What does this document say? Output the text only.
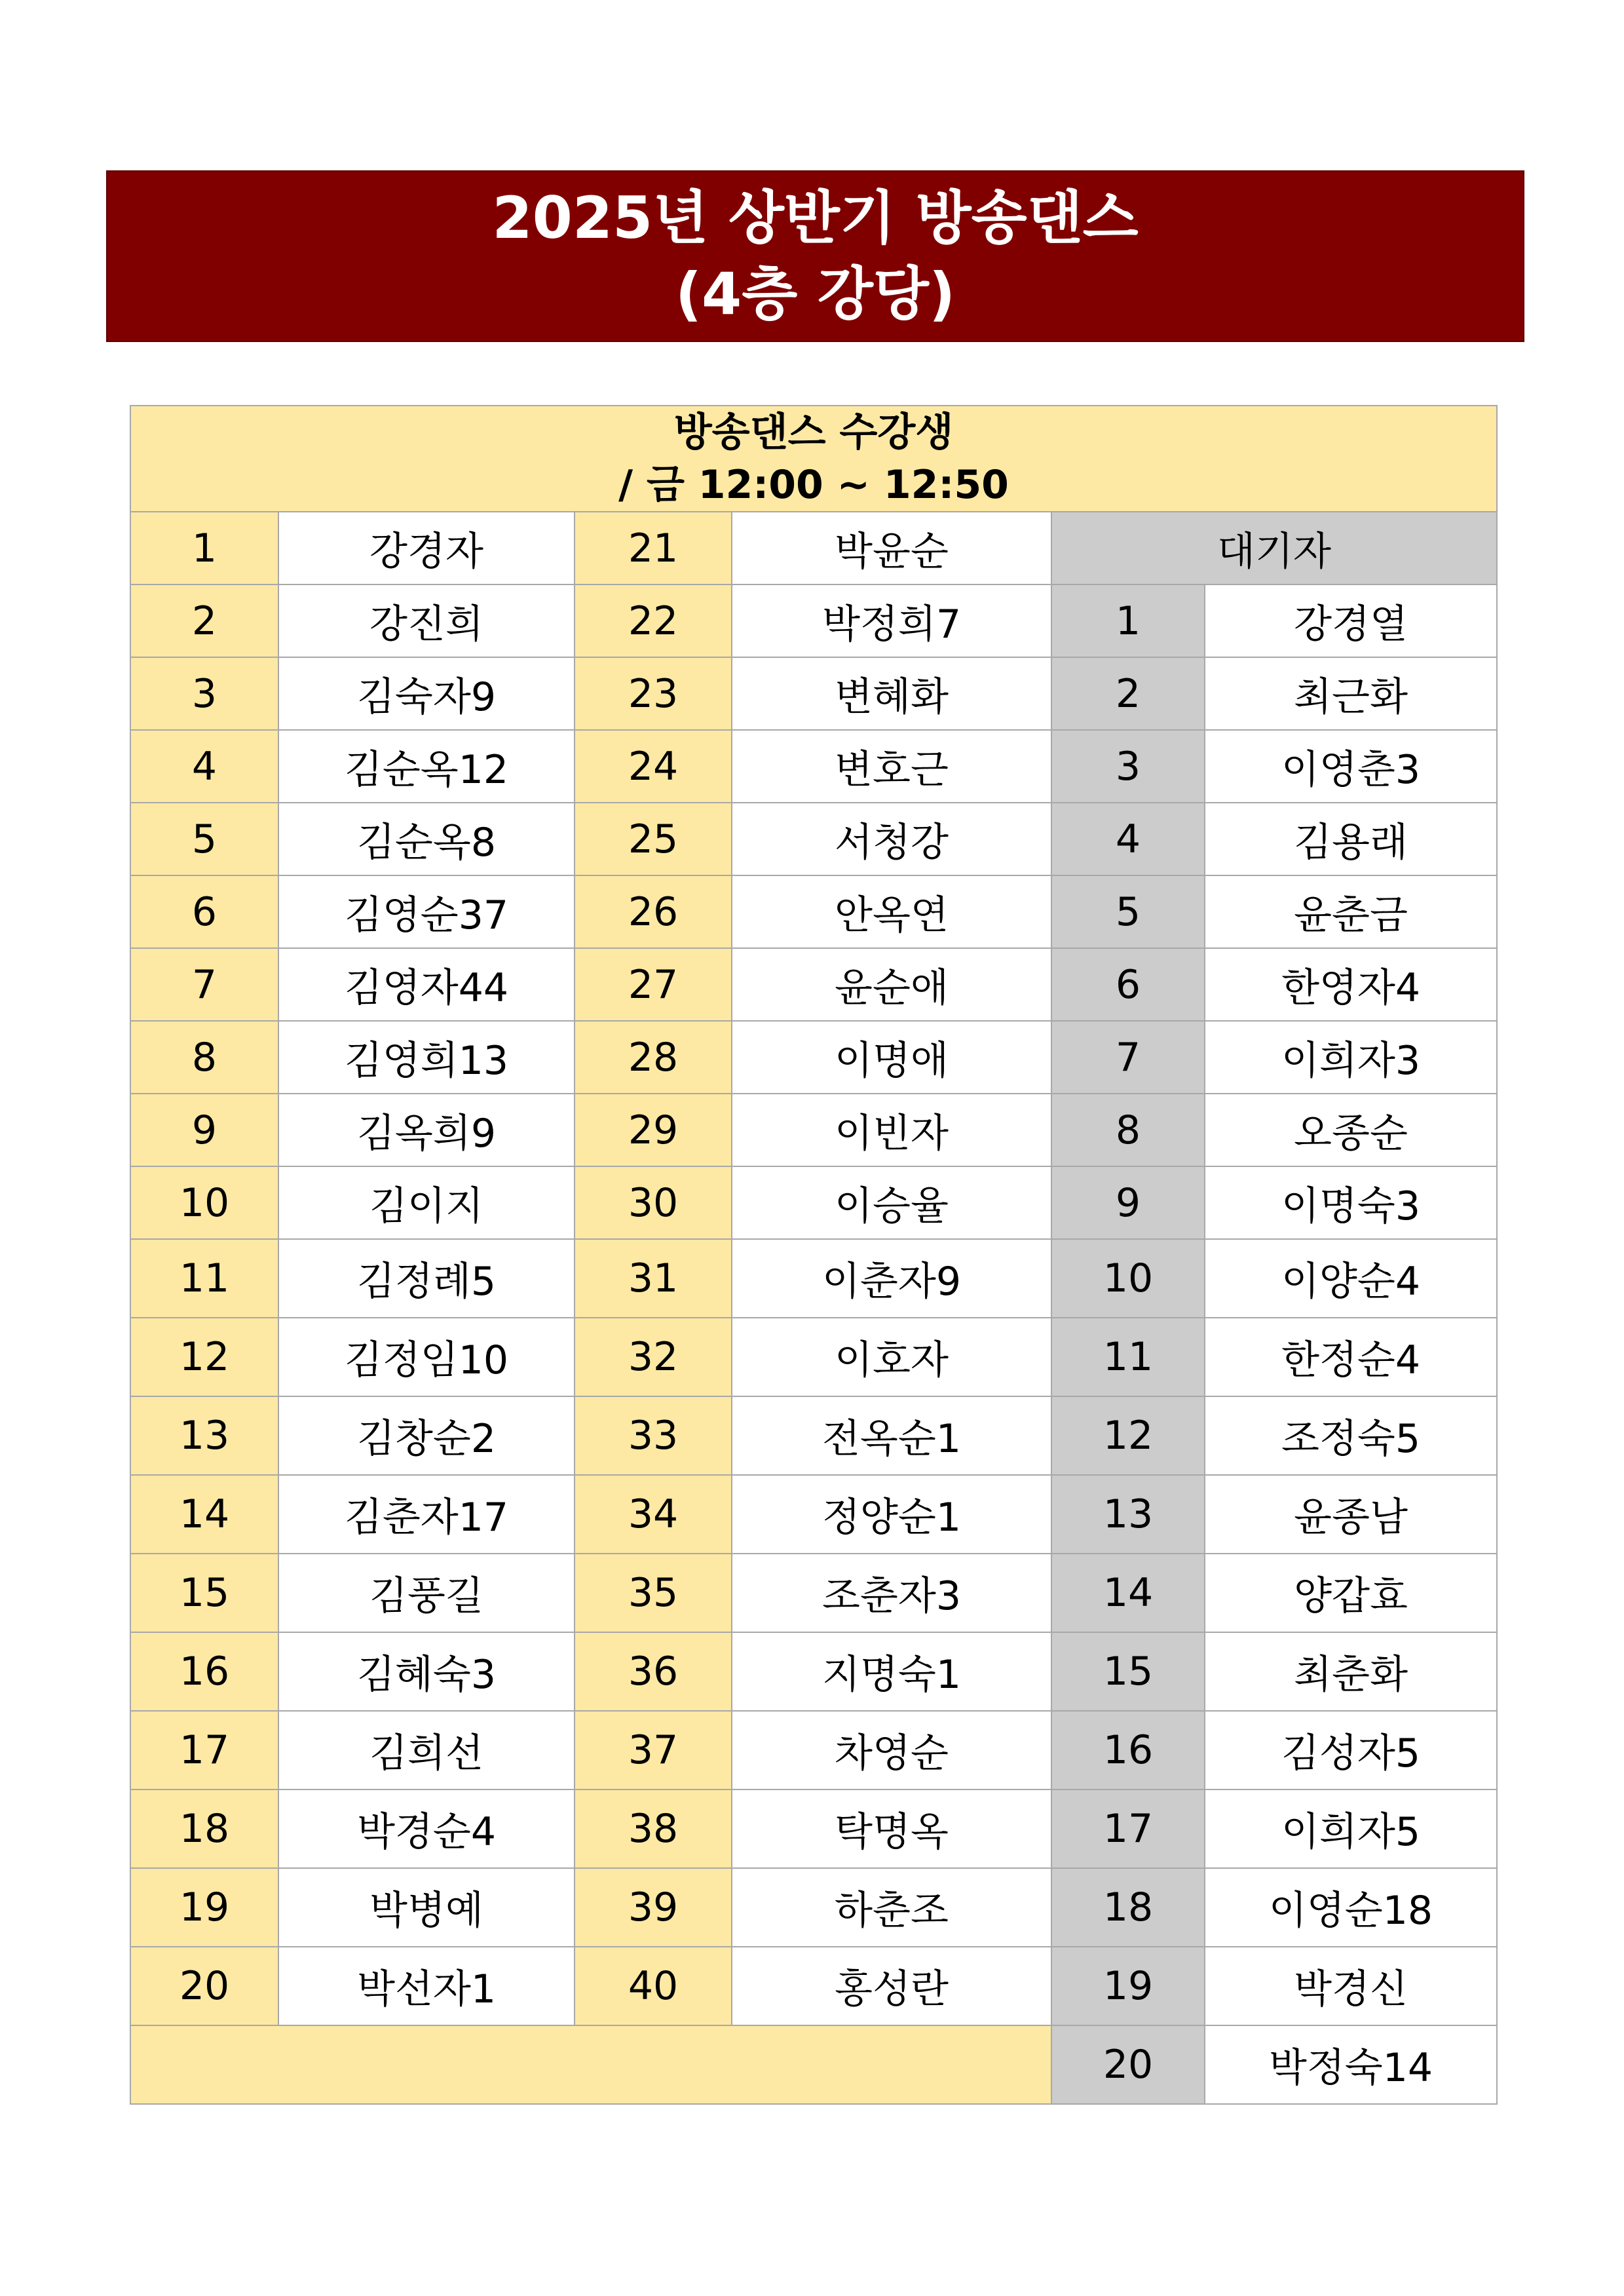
2025년 상반기 방송댄스
(4층 강당)
방송댄스 수강생
/ 금 12:00 ~ 12:50					

1	강경자	21	박윤순	대기자	
2	강진희	22	박정희7	1	강경열
3	김숙자9	23	변혜화	2	최근화
4	김순옥12	24	변호근	3	이영춘3
5	김순옥8	25	서청강	4	김용래
6	김영순37	26	안옥연	5	윤춘금
7	김영자44	27	윤순애	6	한영자4
8	김영희13	28	이명애	7	이희자3
9	김옥희9	29	이빈자	8	오종순
10	김이지	30	이승율	9	이명숙3
11	김정례5	31	이춘자9	10	이양순4
12	김정임10	32	이호자	11	한정순4
13	김창순2	33	전옥순1	12	조정숙5
14	김춘자17	34	정양순1	13	윤종남
15	김풍길	35	조춘자3	14	양갑효
16	김혜숙3	36	지명숙1	15	최춘화
17	김희선	37	차영순	16	김성자5
18	박경순4	38	탁명옥	17	이희자5
19	박병예	39	하춘조	18	이영순18
20	박선자1	40	홍성란	19	박경신
				20	박정숙14
